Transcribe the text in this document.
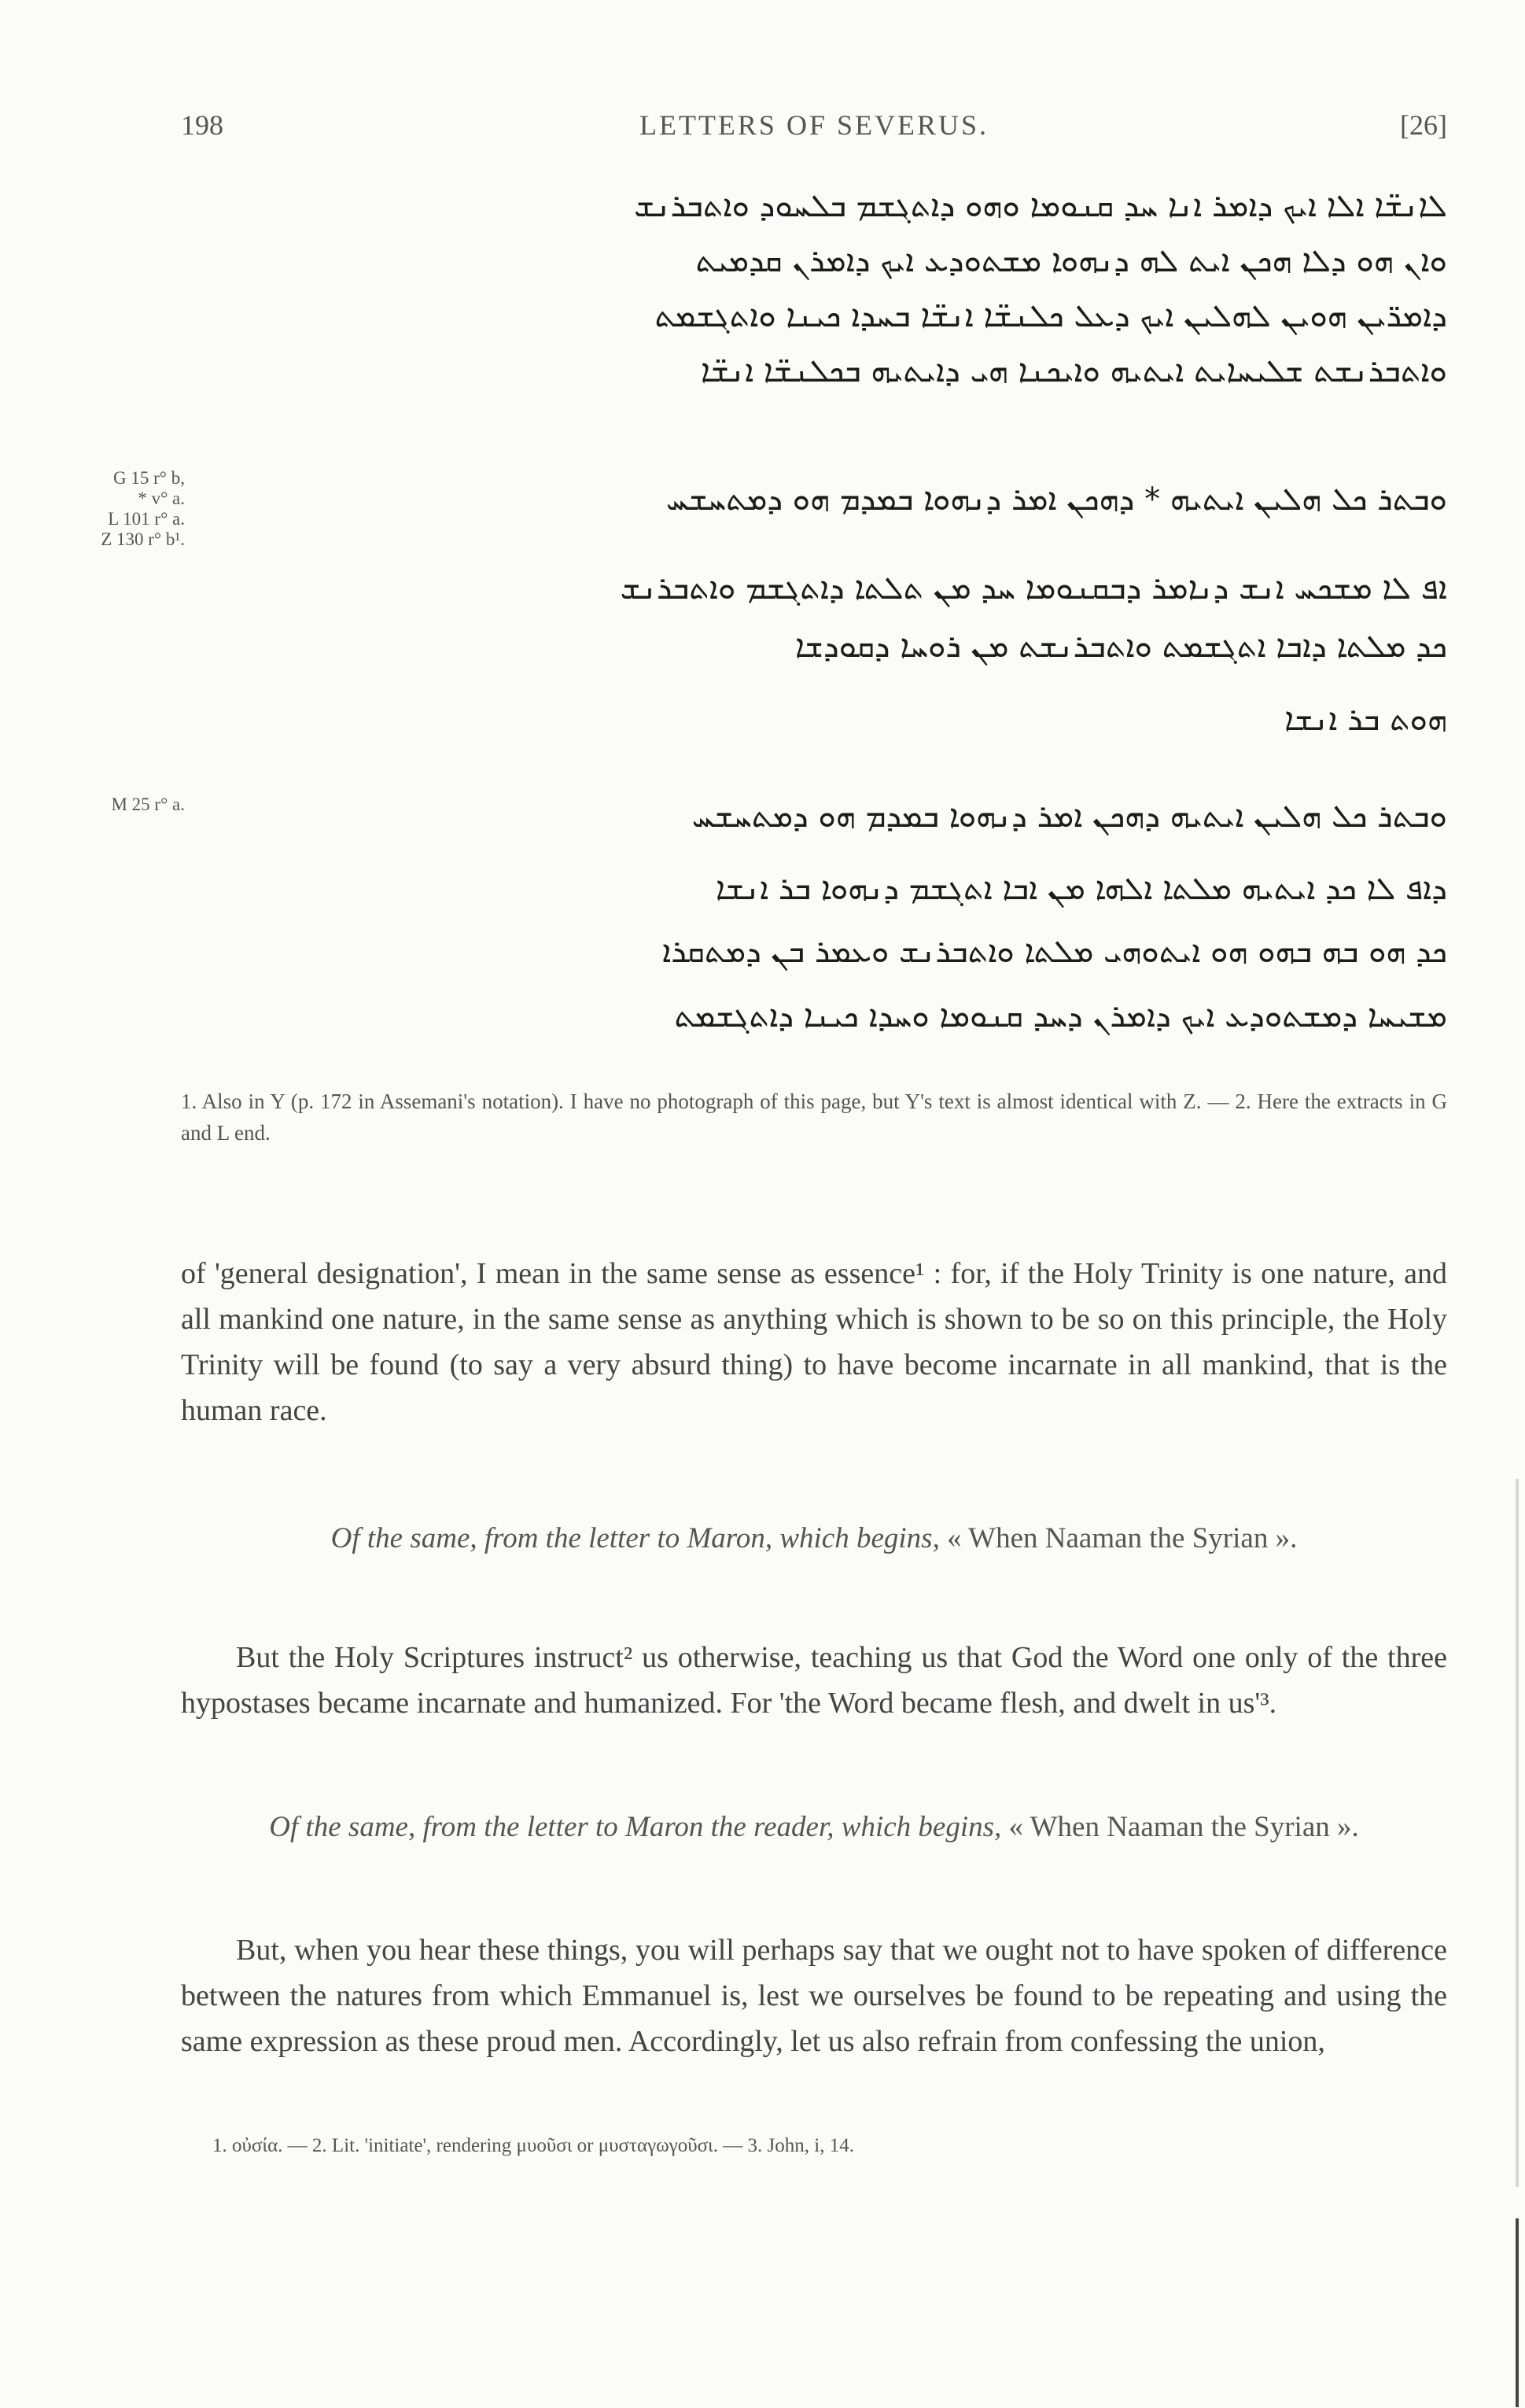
198	LETTERS OF SEVERUS.	[26]
ܠܐܢܫ̈ܐ ܐܠܐ ܐܝܟ ܕܐܡܪ ܐܢܐ ܚܕ ܩܢܘܡܐ ܘܗܘ ܕܐܬܓܫܡ ܒܠܚܘܕ ܘܐܬܒܪܢܫ
ܘܐܢ ܗܘ ܕܠܐ ܗܟܢ ܐܝܬ ܠܗ ܕܢܗܘܐ ܡܫܬܘܕܥ ܐܝܟ ܕܐܡܪܢ ܩܕܡܝܬ
ܕܐܡܪ̈ܝܢ ܗܘܝܢ ܠܗܠܝܢ ܐܝܟ ܕܥܠ ܟܠܢܫ̈ܐ ܐܢܫ̈ܐ ܒܚܕܐ ܟܝܢܐ ܘܐܬܓܫܡܬ
ܘܐܬܒܪܢܫܬ ܫܠܝܚܐܝܬ ܐܝܬܝܗ ܘܐܝܟܢܐ ܗܝ ܕܐܝܬܝܗ ܒܟܠܢܫ̈ܐ ܐܢܫ̈ܐ
G 15 r° b,
* v° a.
L 101 r° a.
Z 130 r° b¹.
ܘܒܬܪ ܟܠ ܗܠܝܢ ܐܝܬܝܗ * ܕܗܟܢ ܐܡܪ ܕܢܗܘܐ ܒܡܕܡ ܗܘ ܕܡܬܚܫܚ
ܐܦ ܠܐ ܡܫܟܚ ܐܢܫ ܕܢܐܡܪ ܕܒܩܢܘܡܐ ܚܕ ܡܢ ܬܠܬܐ ܕܐܬܓܫܡ ܘܐܬܒܪܢܫ
ܟܕ ܡܠܬܐ ܕܐܒܐ ܐܬܓܫܡܬ ܘܐܬܒܪܢܫܬ ܡܢ ܪܘܚܐ ܕܩܘܕܫܐ
ܗܘܬ ܒܪ ܐܢܫܐ
M 25 r° a.	ܘܒܬܪ ܟܠ ܗܠܝܢ ܐܝܬܝܗ ܕܗܟܢ ܐܡܪ ܕܢܗܘܐ ܒܡܕܡ ܗܘ ܕܡܬܚܫܚ
ܕܐܦ ܠܐ ܟܕ ܐܝܬܝܗ ܡܠܬܐ ܐܠܗܐ ܡܢ ܐܒܐ ܐܬܓܫܡ ܕܢܗܘܐ ܒܪ ܐܢܫܐ
ܟܕ ܗܘ ܒܗ ܒܗܘ ܗܘ ܐܝܬܘܗܝ ܡܠܬܐ ܘܐܬܒܪܢܫ ܘܥܡܪ ܒܢ ܕܡܬܩܪܐ
ܡܫܝܚܐ ܕܡܫܬܘܕܥ ܐܝܟ ܕܐܡܪܢ ܕܚܕ ܩܢܘܡܐ ܘܚܕܐ ܟܝܢܐ ܕܐܬܓܫܡܬ
1. Also in Y (p. 172 in Assemani's notation). I have no photograph of this page, but Y's text is almost identical with Z. — 2. Here the extracts in G and L end.
of 'general designation', I mean in the same sense as essence¹ : for, if the Holy Trinity is one nature, and all mankind one nature, in the same sense as anything which is shown to be so on this principle, the Holy Trinity will be found (to say a very absurd thing) to have become incarnate in all mankind, that is the human race.
Of the same, from the letter to Maron, which begins, « When Naaman the Syrian ».
But the Holy Scriptures instruct² us otherwise, teaching us that God the Word one only of the three hypostases became incarnate and humanized. For 'the Word became flesh, and dwelt in us'³.
Of the same, from the letter to Maron the reader, which begins, « When Naaman the Syrian ».
But, when you hear these things, you will perhaps say that we ought not to have spoken of difference between the natures from which Emmanuel is, lest we ourselves be found to be repeating and using the same expression as these proud men. Accordingly, let us also refrain from confessing the union,
1. οὐσία. — 2. Lit. 'initiate', rendering μυοῦσι or μυσταγωγοῦσι. — 3. John, i, 14.
